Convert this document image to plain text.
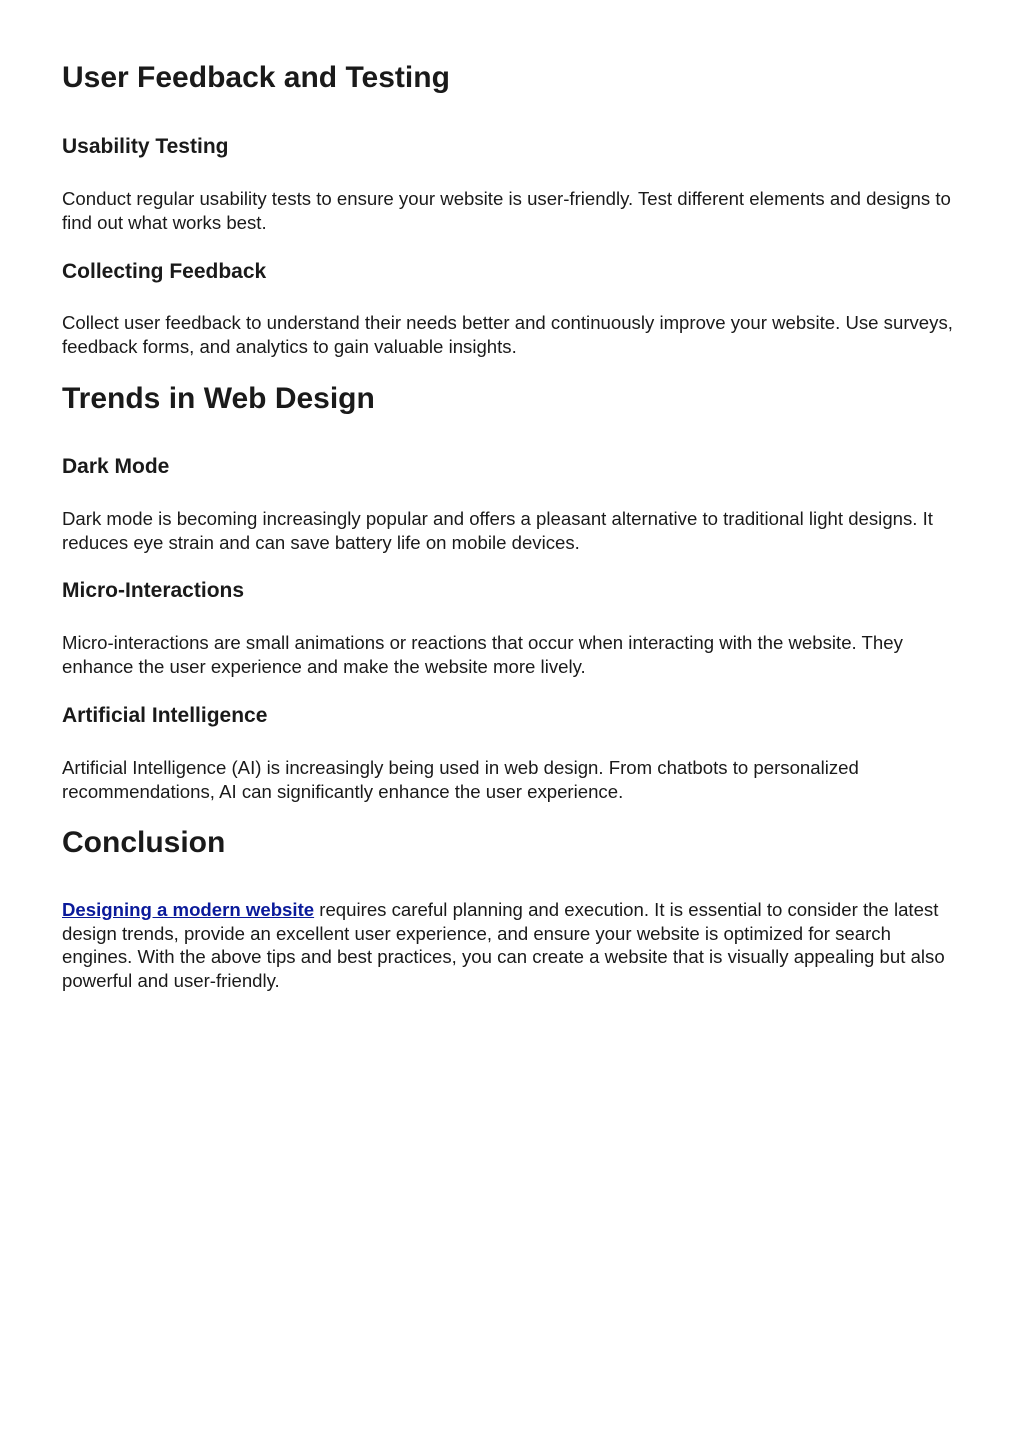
User Feedback and Testing
Usability Testing

Conduct regular usability tests to ensure your website is user-friendly. Test different elements and designs to find out what works best.

Collecting Feedback

Collect user feedback to understand their needs better and continuously improve your website. Use surveys, feedback forms, and analytics to gain valuable insights.

Trends in Web Design
Dark Mode

Dark mode is becoming increasingly popular and offers a pleasant alternative to traditional light designs. It reduces eye strain and can save battery life on mobile devices.

Micro-Interactions

Micro-interactions are small animations or reactions that occur when interacting with the website. They enhance the user experience and make the website more lively.

Artificial Intelligence

Artificial Intelligence (AI) is increasingly being used in web design. From chatbots to personalized recommendations, AI can significantly enhance the user experience.

Conclusion

Designing a modern website requires careful planning and execution. It is essential to consider the latest design trends, provide an excellent user experience, and ensure your website is optimized for search engines. With the above tips and best practices, you can create a website that is visually appealing but also powerful and user-friendly.
